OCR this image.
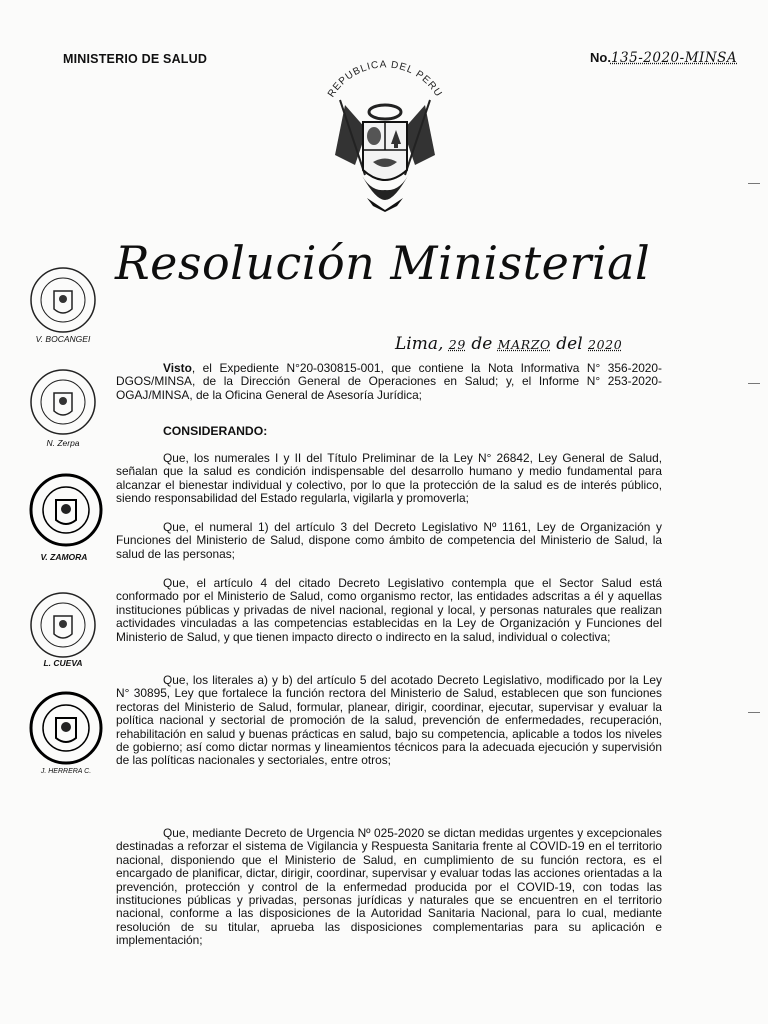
MINISTERIO DE SALUD	No.135-2020-MINSA
REPUBLICA DEL PERU
Resolución Ministerial
Lima, 29 de MARZO del 2020

Visto, el Expediente N°20-030815-001, que contiene la Nota Informativa N° 356-2020-DGOS/MINSA, de la Dirección General de Operaciones en Salud; y, el Informe N° 253-2020-OGAJ/MINSA, de la Oficina General de Asesoría Jurídica;

CONSIDERANDO:

Que, los numerales I y II del Título Preliminar de la Ley N° 26842, Ley General de Salud, señalan que la salud es condición indispensable del desarrollo humano y medio fundamental para alcanzar el bienestar individual y colectivo, por lo que la protección de la salud es de interés público, siendo responsabilidad del Estado regularla, vigilarla y promoverla;

Que, el numeral 1) del artículo 3 del Decreto Legislativo Nº 1161, Ley de Organización y Funciones del Ministerio de Salud, dispone como ámbito de competencia del Ministerio de Salud, la salud de las personas;

Que, el artículo 4 del citado Decreto Legislativo contempla que el Sector Salud está conformado por el Ministerio de Salud, como organismo rector, las entidades adscritas a él y aquellas instituciones públicas y privadas de nivel nacional, regional y local, y personas naturales que realizan actividades vinculadas a las competencias establecidas en la Ley de Organización y Funciones del Ministerio de Salud, y que tienen impacto directo o indirecto en la salud, individual o colectiva;

Que, los literales a) y b) del artículo 5 del acotado Decreto Legislativo, modificado por la Ley N° 30895, Ley que fortalece la función rectora del Ministerio de Salud, establecen que son funciones rectoras del Ministerio de Salud, formular, planear, dirigir, coordinar, ejecutar, supervisar y evaluar la política nacional y sectorial de promoción de la salud, prevención de enfermedades, recuperación, rehabilitación en salud y buenas prácticas en salud, bajo su competencia, aplicable a todos los niveles de gobierno; así como dictar normas y lineamientos técnicos para la adecuada ejecución y supervisión de las políticas nacionales y sectoriales, entre otros;

Que, mediante Decreto de Urgencia Nº 025-2020 se dictan medidas urgentes y excepcionales destinadas a reforzar el sistema de Vigilancia y Respuesta Sanitaria frente al COVID-19 en el territorio nacional, disponiendo que el Ministerio de Salud, en cumplimiento de su función rectora, es el encargado de planificar, dictar, dirigir, coordinar, supervisar y evaluar todas las acciones orientadas a la prevención, protección y control de la enfermedad producida por el COVID-19, con todas las instituciones públicas y privadas, personas jurídicas y naturales que se encuentren en el territorio nacional, conforme a las disposiciones de la Autoridad Sanitaria Nacional, para lo cual, mediante resolución de su titular, aprueba las disposiciones complementarias para su aplicación e implementación;

V. BOCANGEI
N. Zerpa
V. ZAMORA
L. CUEVA
J. HERRERA C.
